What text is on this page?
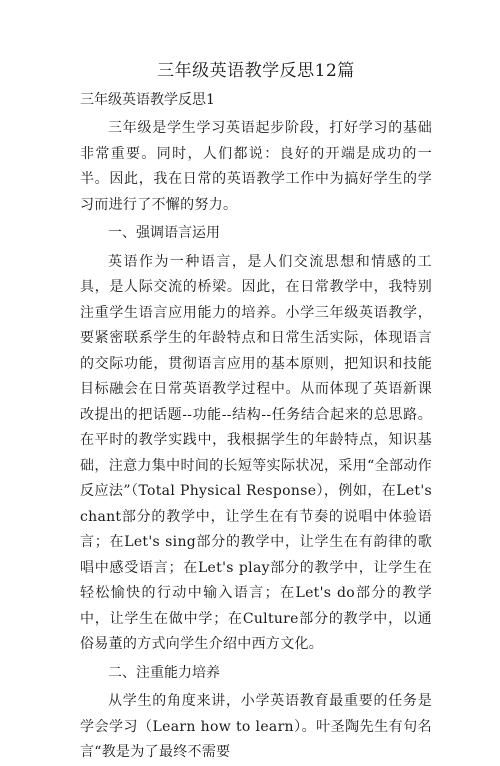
三年级英语教学反思12篇

三年级英语教学反思1

三年级是学生学习英语起步阶段，打好学习的基础非常重要。同时，人们都说：良好的开端是成功的一半。因此，我在日常的英语教学工作中为搞好学生的学习而进行了不懈的努力。

一、强调语言运用

英语作为一种语言，是人们交流思想和情感的工具，是人际交流的桥梁。因此，在日常教学中，我特别注重学生语言应用能力的培养。小学三年级英语教学，要紧密联系学生的年龄特点和日常生活实际，体现语言的交际功能，贯彻语言应用的基本原则，把知识和技能目标融会在日常英语教学过程中。从而体现了英语新课改提出的把话题--功能--结构--任务结合起来的总思路。在平时的教学实践中，我根据学生的年龄特点，知识基础，注意力集中时间的长短等实际状况，采用“全部动作反应法”（Total Physical Response），例如，在Let's chant部分的教学中，让学生在有节奏的说唱中体验语言；在Let's sing部分的教学中，让学生在有韵律的歌唱中感受语言；在Let's play部分的教学中，让学生在轻松愉快的行动中输入语言；在Let's do部分的教学中，让学生在做中学；在Culture部分的教学中，以通俗易董的方式向学生介绍中西方文化。

二、注重能力培养

从学生的角度来讲，小学英语教育最重要的任务是学会学习（Learn how to learn）。叶圣陶先生有句名言“教是为了最终不需要
